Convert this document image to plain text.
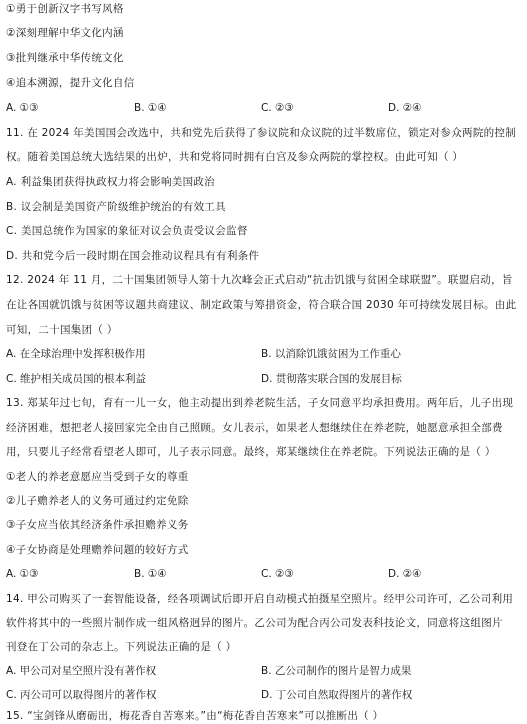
①勇于创新汉字书写风格
②深刻理解中华文化内涵
③批判继承中华传统文化
④追本溯源，提升文化自信
A. ①③	B. ①④	C. ②③	D. ②④
11. 在 2024 年美国国会改选中，共和党先后获得了参议院和众议院的过半数席位，锁定对参众两院的控制
权。随着美国总统大选结果的出炉，共和党将同时拥有白宫及参众两院的掌控权。由此可知（ ）
A. 利益集团获得执政权力将会影响美国政治
B. 议会制是美国资产阶级维护统治的有效工具
C. 美国总统作为国家的象征对议会负责受议会监督
D. 共和党今后一段时期在国会推动议程具有有利条件
12. 2024 年 11 月，二十国集团领导人第十九次峰会正式启动“抗击饥饿与贫困全球联盟”。联盟启动，旨
在让各国就饥饿与贫困等议题共商建议、制定政策与筹措资金，符合联合国 2030 年可持续发展目标。由此
可知，二十国集团（ ）
A. 在全球治理中发挥积极作用	B. 以消除饥饿贫困为工作重心
C. 维护相关成员国的根本利益	D. 贯彻落实联合国的发展目标
13. 郑某年过七旬，育有一儿一女，他主动提出到养老院生活，子女同意平均承担费用。两年后，儿子出现
经济困难，想把老人接回家完全由自己照顾。女儿表示，如果老人想继续住在养老院，她愿意承担全部费
用，只要儿子经常看望老人即可，儿子表示同意。最终，郑某继续住在养老院。下列说法正确的是（ ）
①老人的养老意愿应当受到子女的尊重
②儿子赡养老人的义务可通过约定免除
③子女应当依其经济条件承担赡养义务
④子女协商是处理赡养问题的较好方式
A. ①③	B. ①④	C. ②③	D. ②④
14. 甲公司购买了一套智能设备，经各项调试后即开启自动模式拍摄星空照片。经甲公司许可，乙公司利用
软件将其中的一些照片制作成一组风格迥异的图片。乙公司为配合丙公司发表科技论文，同意将这组图片
刊登在丁公司的杂志上。下列说法正确的是（ ）
A. 甲公司对星空照片没有著作权	B. 乙公司制作的图片是智力成果
C. 丙公司可以取得图片的著作权	D. 丁公司自然取得图片的著作权
15. “宝剑锋从磨砺出，梅花香自苦寒来。”由“梅花香自苦寒来”可以推断出（ ）
